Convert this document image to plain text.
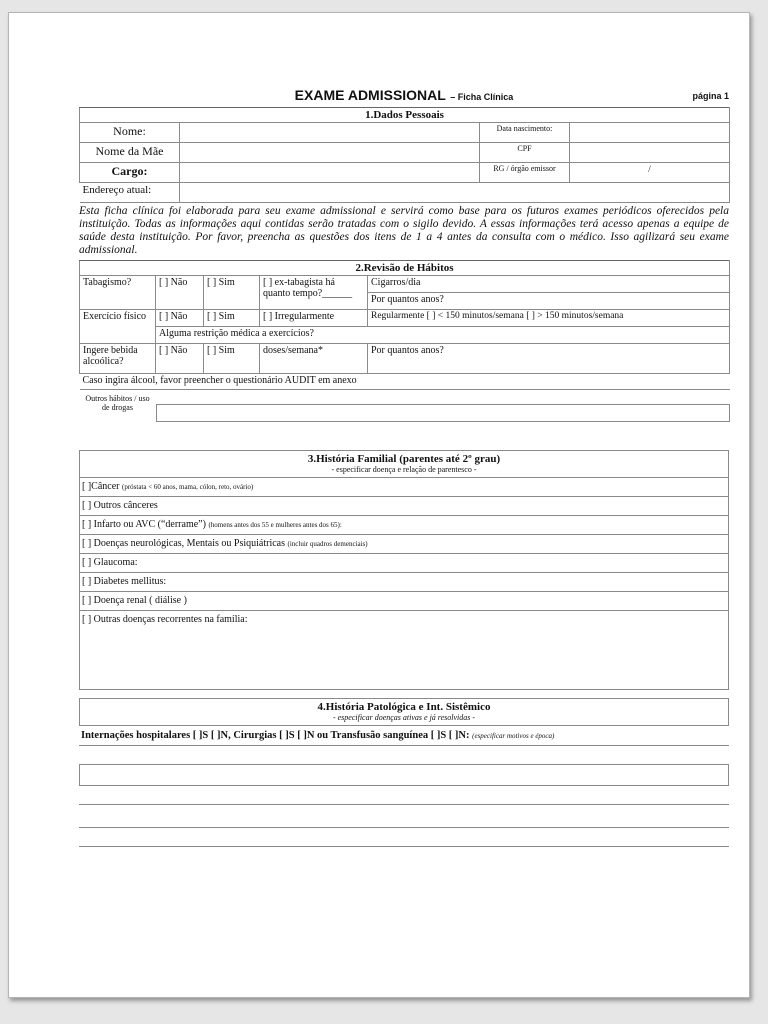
EXAME ADMISSIONAL – Ficha Clínica	página 1
1.Dados Pessoais			
Nome:		Data nascimento:	
Nome da Mãe		CPF	
Cargo:		RG / órgão emissor	/
Endereço atual:			
Esta ficha clínica foi elaborada para seu exame admissional e servirá como base para os futuros exames periódicos oferecidos pela instituição. Todas as informações aqui contidas serão tratadas com o sigilo devido. A essas informações terá acesso apenas a equipe de saúde desta instituição. Por favor, preencha as questões dos itens de 1 a 4 antes da consulta com o médico. Isso agilizará seu exame admissional.
2.Revisão de Hábitos				
Tabagismo?	[ ] Não	[ ] Sim	[ ] ex-tabagista há quanto tempo?______	Cigarros/dia
				Por quantos anos?
Exercício físico	[ ] Não	[ ] Sim	[ ] Irregularmente	Regularmente [ ] < 150 minutos/semana [ ] > 150 minutos/semana
	Alguma restrição médica a exercícios?			
Ingere bebida alcoólica?	[ ] Não	[ ] Sim	doses/semana*	Por quantos anos?
Caso ingira álcool, favor preencher o questionário AUDIT em anexo				
Outros hábitos / uso de drogas				
3.História Familial (parentes até 2º grau)
- especificar doença e relação de parentesco -
[ ]Câncer (próstata < 60 anos, mama, cólon, reto, ovário)
[ ] Outros cânceres
[ ] Infarto ou AVC (“derrame”) (homens antes dos 55 e mulheres antes dos 65):
[ ] Doenças neurológicas, Mentais ou Psiquiátricas (incluir quadros demenciais)
[ ] Glaucoma:
[ ] Diabetes mellitus:
[ ] Doença renal ( diálise )
[ ] Outras doenças recorrentes na família:
4.História Patológica e Int. Sistêmico
- especificar doenças ativas e já resolvidas -
Internações hospitalares [ ]S [ ]N, Cirurgias [ ]S [ ]N ou Transfusão sanguínea [ ]S [ ]N: (especificar motivos e época)
